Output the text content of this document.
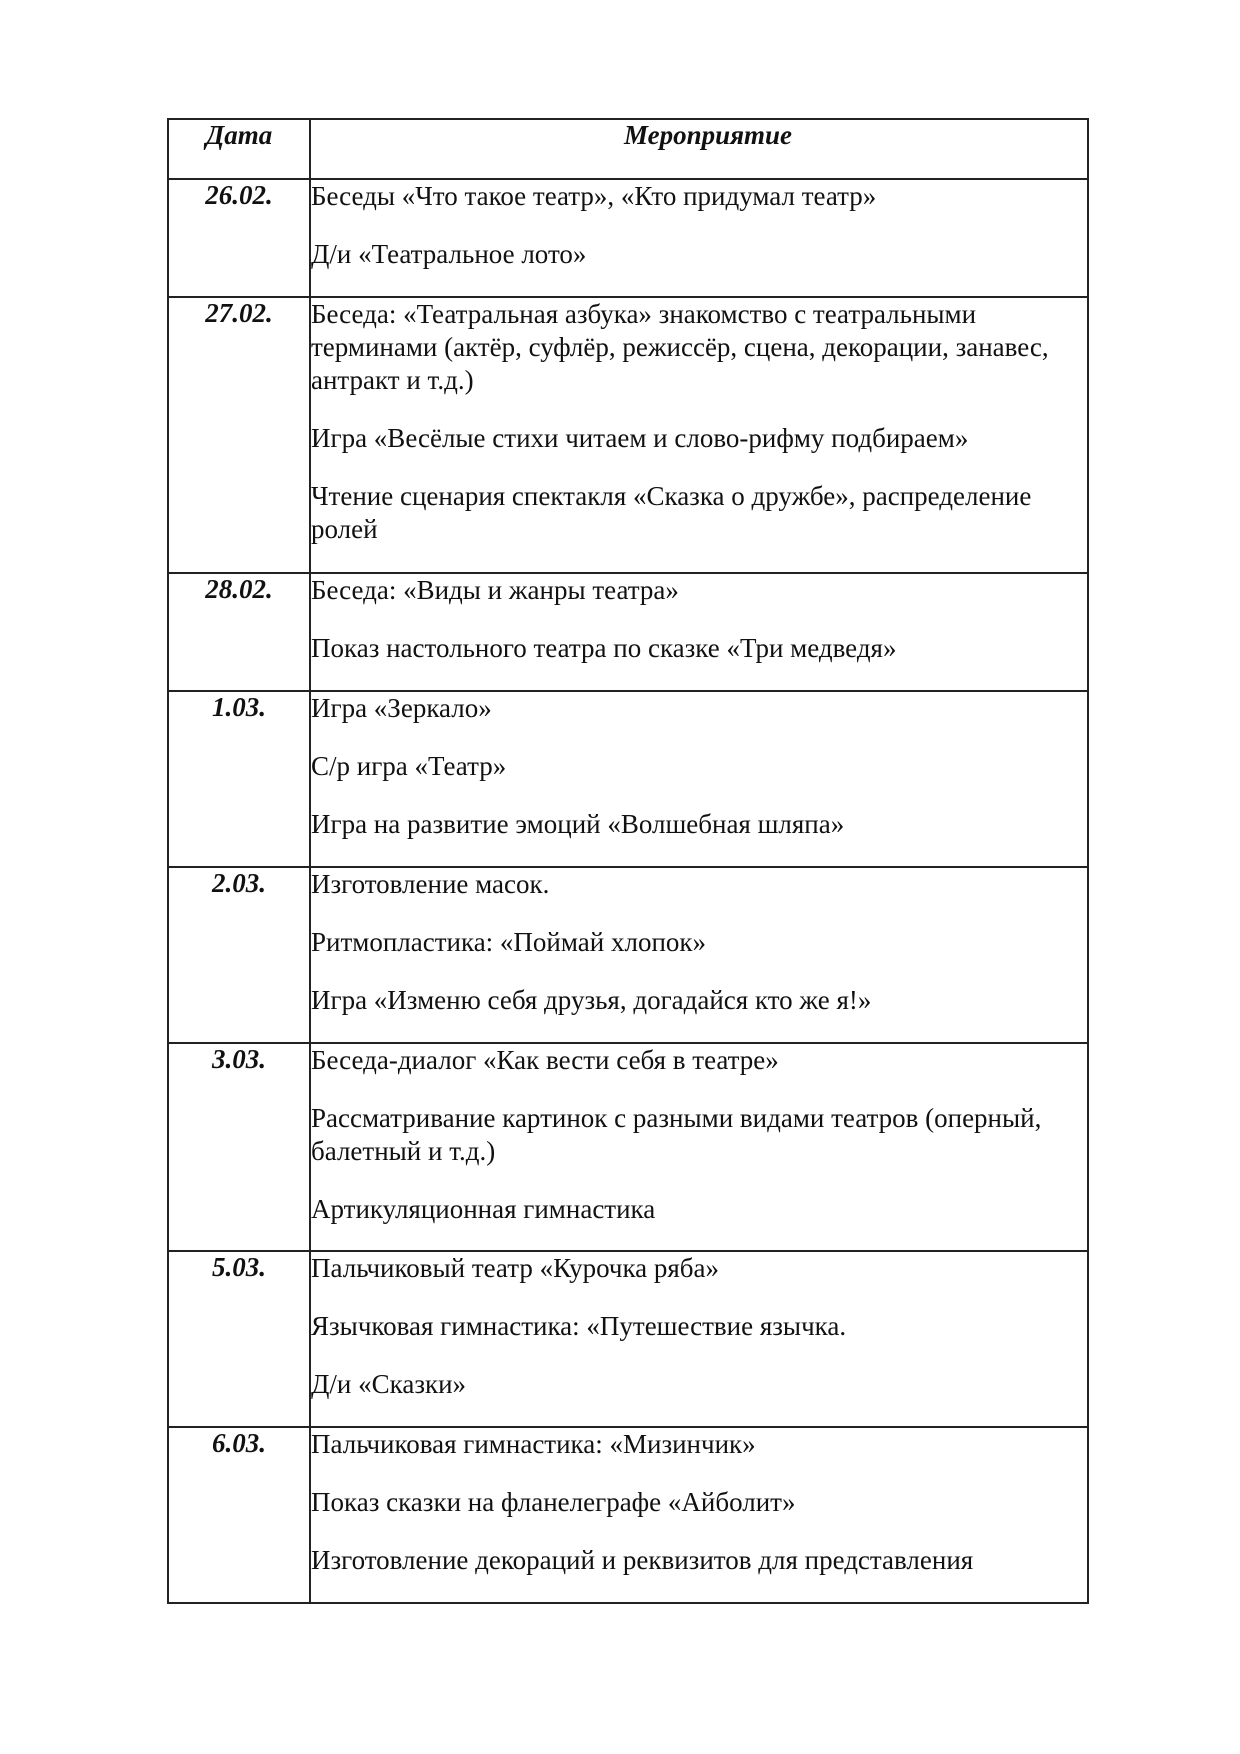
Дата	Мероприятие
26.02.	Беседы «Что такое театр», «Кто придумал театр»
Д/и «Театральное лото»

27.02.	Беседа: «Театральная азбука» знакомство с театральными терминами (актёр, суфлёр, режиссёр, сцена, декорации, занавес, антракт и т.д.)
Игра «Весёлые стихи читаем и слово-рифму подбираем»
Чтение сценария спектакля «Сказка о дружбе», распределение ролей

28.02.	Беседа: «Виды и жанры театра»
Показ настольного театра по сказке «Три медведя»

1.03.	Игра «Зеркало»
С/р игра «Театр»
Игра на развитие эмоций «Волшебная шляпа»

2.03.	Изготовление масок.
Ритмопластика: «Поймай хлопок»
Игра «Изменю себя друзья, догадайся кто же я!»

3.03.	Беседа-диалог «Как вести себя в театре»
Рассматривание картинок с разными видами театров (оперный, балетный и т.д.)
Артикуляционная гимнастика

5.03.	Пальчиковый театр «Курочка ряба»
Язычковая гимнастика: «Путешествие язычка.
Д/и «Сказки»

6.03.	Пальчиковая гимнастика: «Мизинчик»
Показ сказки на фланелеграфе «Айболит»
Изготовление декораций и реквизитов для представления
